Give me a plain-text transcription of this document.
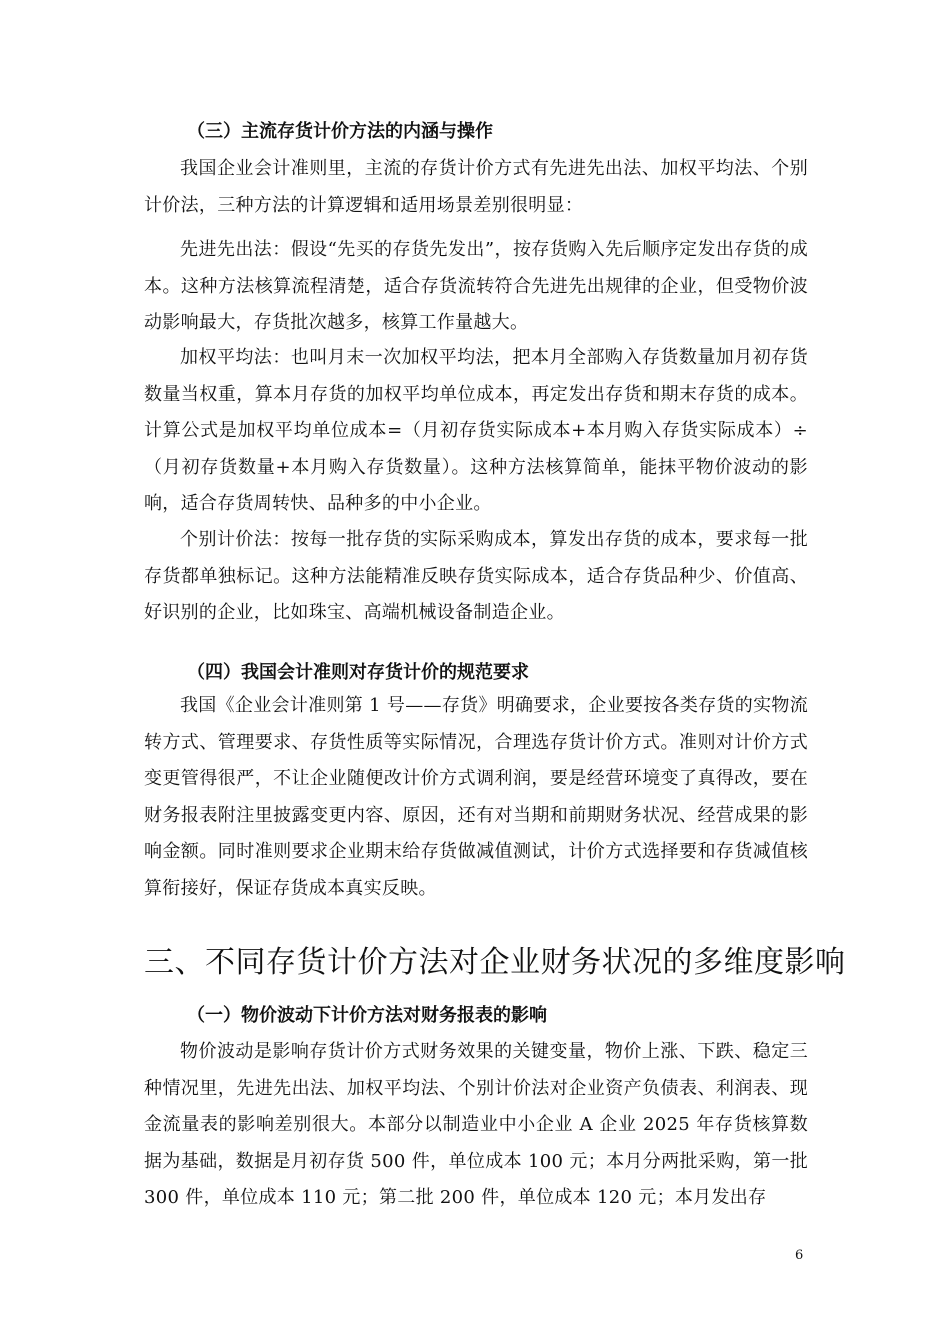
（三）主流存货计价方法的内涵与操作

我国企业会计准则里，主流的存货计价方式有先进先出法、加权平均法、个别计价法，三种方法的计算逻辑和适用场景差别很明显：

先进先出法：假设“先买的存货先发出”，按存货购入先后顺序定发出存货的成本。这种方法核算流程清楚，适合存货流转符合先进先出规律的企业，但受物价波动影响最大，存货批次越多，核算工作量越大。

加权平均法：也叫月末一次加权平均法，把本月全部购入存货数量加月初存货数量当权重，算本月存货的加权平均单位成本，再定发出存货和期末存货的成本。计算公式是加权平均单位成本=（月初存货实际成本+本月购入存货实际成本）÷（月初存货数量+本月购入存货数量）。这种方法核算简单，能抹平物价波动的影响，适合存货周转快、品种多的中小企业。

个别计价法：按每一批存货的实际采购成本，算发出存货的成本，要求每一批存货都单独标记。这种方法能精准反映存货实际成本，适合存货品种少、价值高、好识别的企业，比如珠宝、高端机械设备制造企业。

（四）我国会计准则对存货计价的规范要求

我国《企业会计准则第 1 号——存货》明确要求，企业要按各类存货的实物流转方式、管理要求、存货性质等实际情况，合理选存货计价方式。准则对计价方式变更管得很严，不让企业随便改计价方式调利润，要是经营环境变了真得改，要在财务报表附注里披露变更内容、原因，还有对当期和前期财务状况、经营成果的影响金额。同时准则要求企业期末给存货做减值测试，计价方式选择要和存货减值核算衔接好，保证存货成本真实反映。

三、不同存货计价方法对企业财务状况的多维度影响
（一）物价波动下计价方法对财务报表的影响

物价波动是影响存货计价方式财务效果的关键变量，物价上涨、下跌、稳定三种情况里，先进先出法、加权平均法、个别计价法对企业资产负债表、利润表、现金流量表的影响差别很大。本部分以制造业中小企业 A 企业 2025 年存货核算数据为基础，数据是月初存货 500 件，单位成本 100 元；本月分两批采购，第一批 300 件，单位成本 110 元；第二批 200 件，单位成本 120 元；本月发出存

6
